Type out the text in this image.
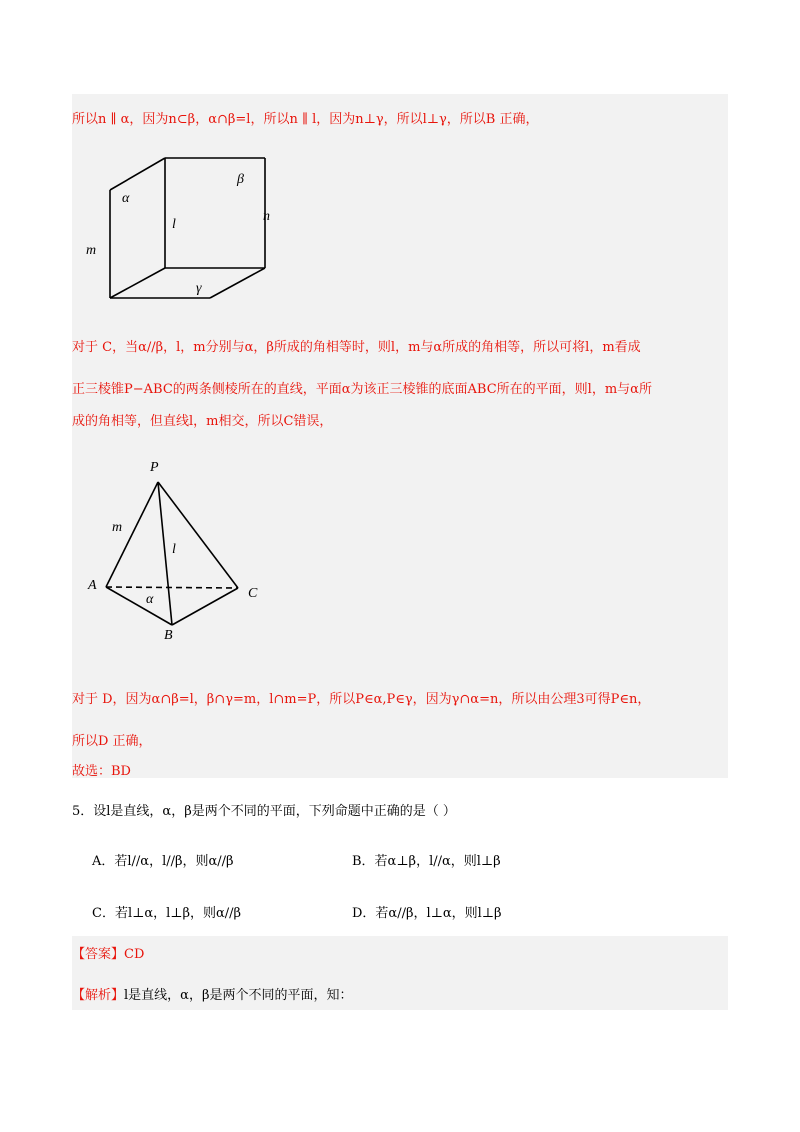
所以n ∥ α，因为n⊂β，α∩β=l，所以n ∥ l，因为n⊥γ，所以l⊥γ，所以B 正确，
α
β
l
n
m
γ
对于 C，当α//β，l，m分别与α，β所成的角相等时，则l，m与α所成的角相等，所以可将l，m看成
正三棱锥P−ABC的两条侧棱所在的直线，平面α为该正三棱锥的底面ABC所在的平面，则l，m与α所
成的角相等，但直线l，m相交，所以C错误，
P
m
l
A
α
B
C
对于 D，因为α∩β=l，β∩γ=m，l∩m=P，所以P∈α,P∈γ，因为γ∩α=n，所以由公理3可得P∈n，
所以D 正确，
故选：BD
5．设l是直线，α，β是两个不同的平面，下列命题中正确的是（ ）
A．若l//α，l//β，则α//β	B．若α⊥β，l//α，则l⊥β
C．若l⊥α，l⊥β，则α//β	D．若α//β，l⊥α，则l⊥β
【答案】CD
【解析】l是直线，α，β是两个不同的平面，知：
